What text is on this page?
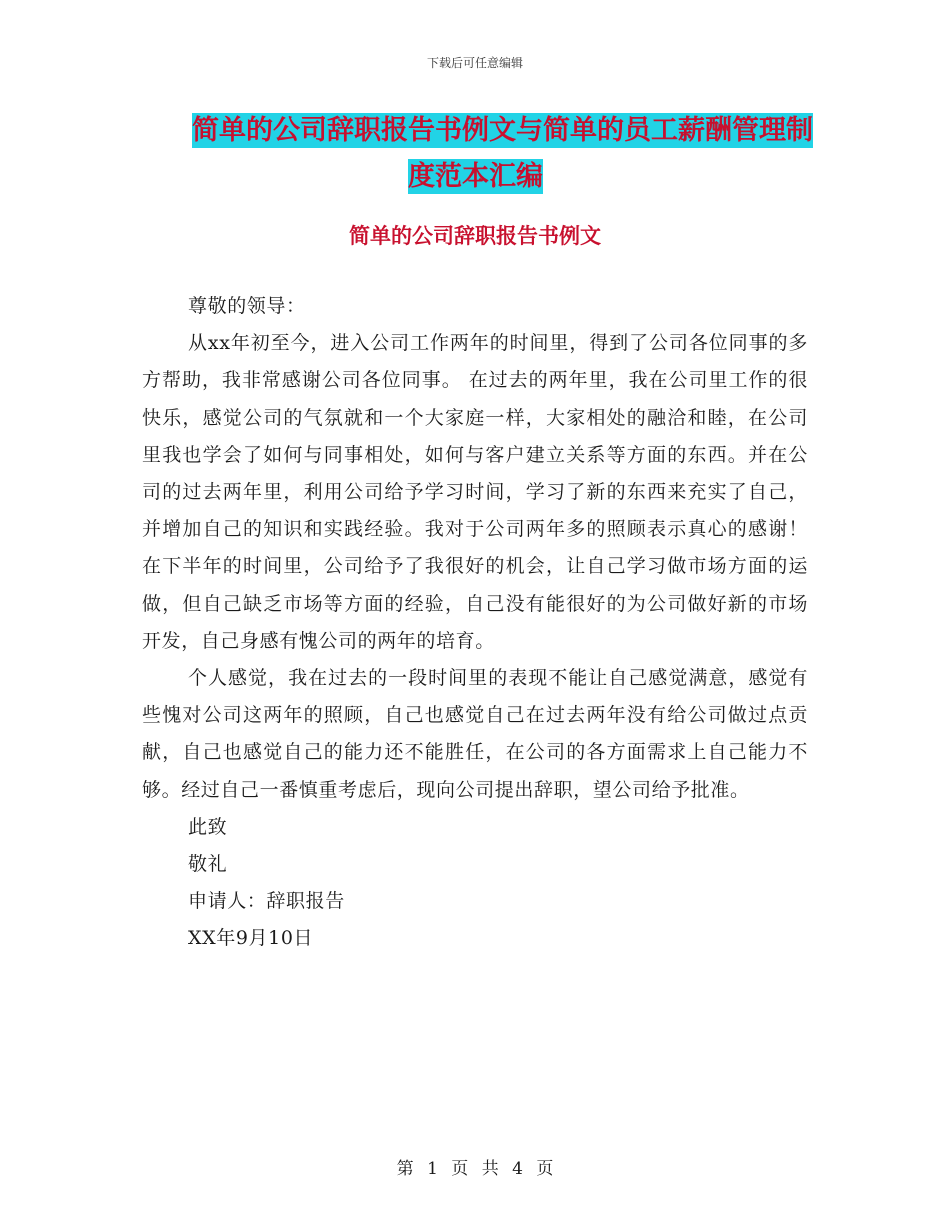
下载后可任意编辑
简单的公司辞职报告书例文与简单的员工薪酬管理制
度范本汇编
简单的公司辞职报告书例文

尊敬的领导：

从xx年初至今，进入公司工作两年的时间里，得到了公司各位同事的多方帮助，我非常感谢公司各位同事。 在过去的两年里，我在公司里工作的很快乐，感觉公司的气氛就和一个大家庭一样，大家相处的融洽和睦，在公司里我也学会了如何与同事相处，如何与客户建立关系等方面的东西。并在公司的过去两年里，利用公司给予学习时间，学习了新的东西来充实了自己，并增加自己的知识和实践经验。我对于公司两年多的照顾表示真心的感谢！在下半年的时间里，公司给予了我很好的机会，让自己学习做市场方面的运做，但自己缺乏市场等方面的经验，自己没有能很好的为公司做好新的市场开发，自己身感有愧公司的两年的培育。

个人感觉，我在过去的一段时间里的表现不能让自己感觉满意，感觉有些愧对公司这两年的照顾，自己也感觉自己在过去两年没有给公司做过点贡献，自己也感觉自己的能力还不能胜任，在公司的各方面需求上自己能力不够。经过自己一番慎重考虑后，现向公司提出辞职，望公司给予批准。

此致

敬礼

申请人：辞职报告

XX年9月10日

第 1 页 共 4 页
